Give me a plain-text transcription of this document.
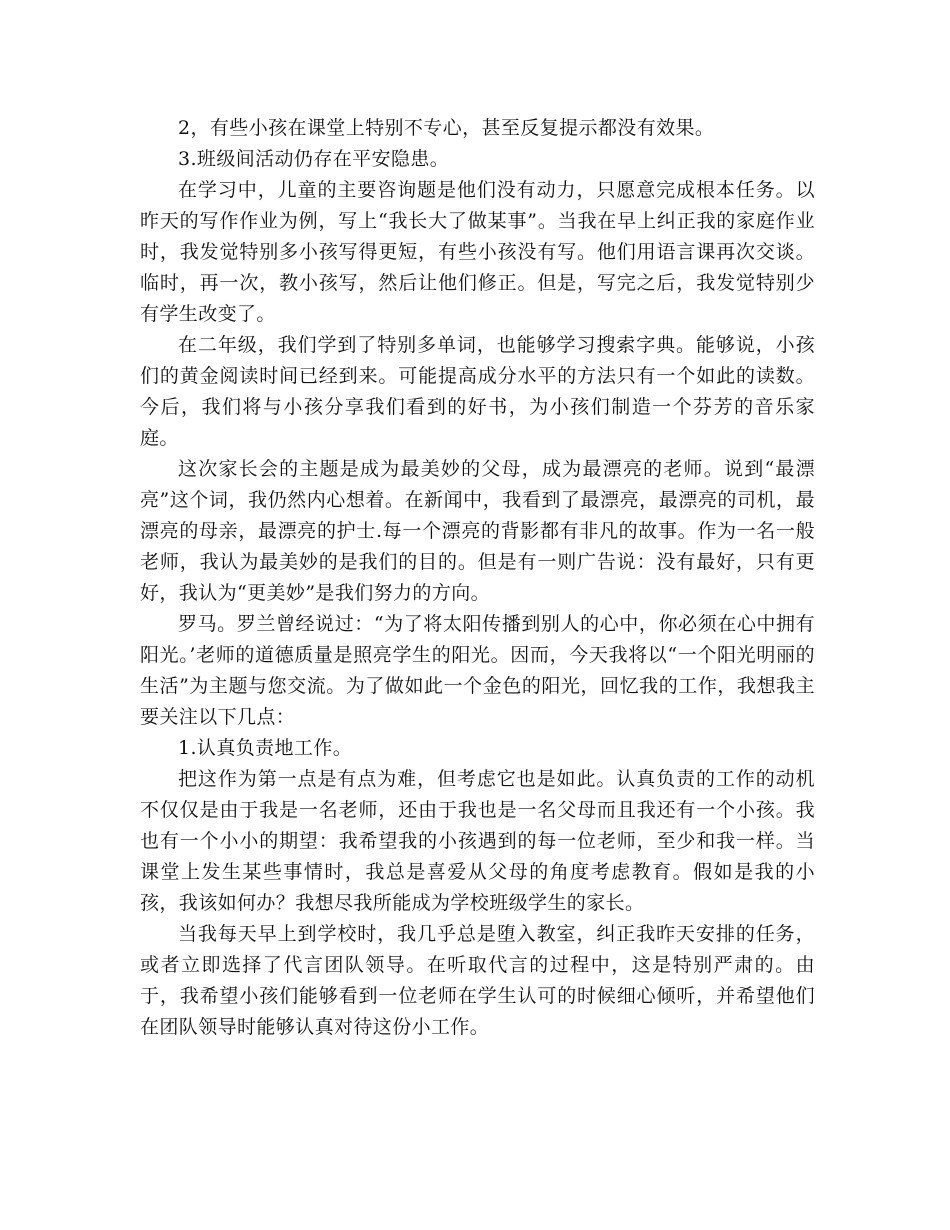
2，有些小孩在课堂上特别不专心，甚至反复提示都没有效果。

3.班级间活动仍存在平安隐患。

在学习中，儿童的主要咨询题是他们没有动力，只愿意完成根本任务。以昨天的写作作业为例，写上“我长大了做某事”。当我在早上纠正我的家庭作业时，我发觉特别多小孩写得更短，有些小孩没有写。他们用语言课再次交谈。临时，再一次，教小孩写，然后让他们修正。但是，写完之后，我发觉特别少有学生改变了。

在二年级，我们学到了特别多单词，也能够学习搜索字典。能够说，小孩们的黄金阅读时间已经到来。可能提高成分水平的方法只有一个如此的读数。今后，我们将与小孩分享我们看到的好书，为小孩们制造一个芬芳的音乐家庭。

这次家长会的主题是成为最美妙的父母，成为最漂亮的老师。说到“最漂亮”这个词，我仍然内心想着。在新闻中，我看到了最漂亮，最漂亮的司机，最漂亮的母亲，最漂亮的护士.每一个漂亮的背影都有非凡的故事。作为一名一般老师，我认为最美妙的是我们的目的。但是有一则广告说：没有最好，只有更好，我认为“更美妙”是我们努力的方向。

罗马。罗兰曾经说过：“为了将太阳传播到别人的心中，你必须在心中拥有阳光。’老师的道德质量是照亮学生的阳光。因而，今天我将以“一个阳光明丽的生活”为主题与您交流。为了做如此一个金色的阳光，回忆我的工作，我想我主要关注以下几点：

1.认真负责地工作。

把这作为第一点是有点为难，但考虑它也是如此。认真负责的工作的动机不仅仅是由于我是一名老师，还由于我也是一名父母而且我还有一个小孩。我也有一个小小的期望：我希望我的小孩遇到的每一位老师，至少和我一样。当课堂上发生某些事情时，我总是喜爱从父母的角度考虑教育。假如是我的小孩，我该如何办？我想尽我所能成为学校班级学生的家长。

当我每天早上到学校时，我几乎总是堕入教室，纠正我昨天安排的任务，或者立即选择了代言团队领导。在听取代言的过程中，这是特别严肃的。由于，我希望小孩们能够看到一位老师在学生认可的时候细心倾听，并希望他们在团队领导时能够认真对待这份小工作。
